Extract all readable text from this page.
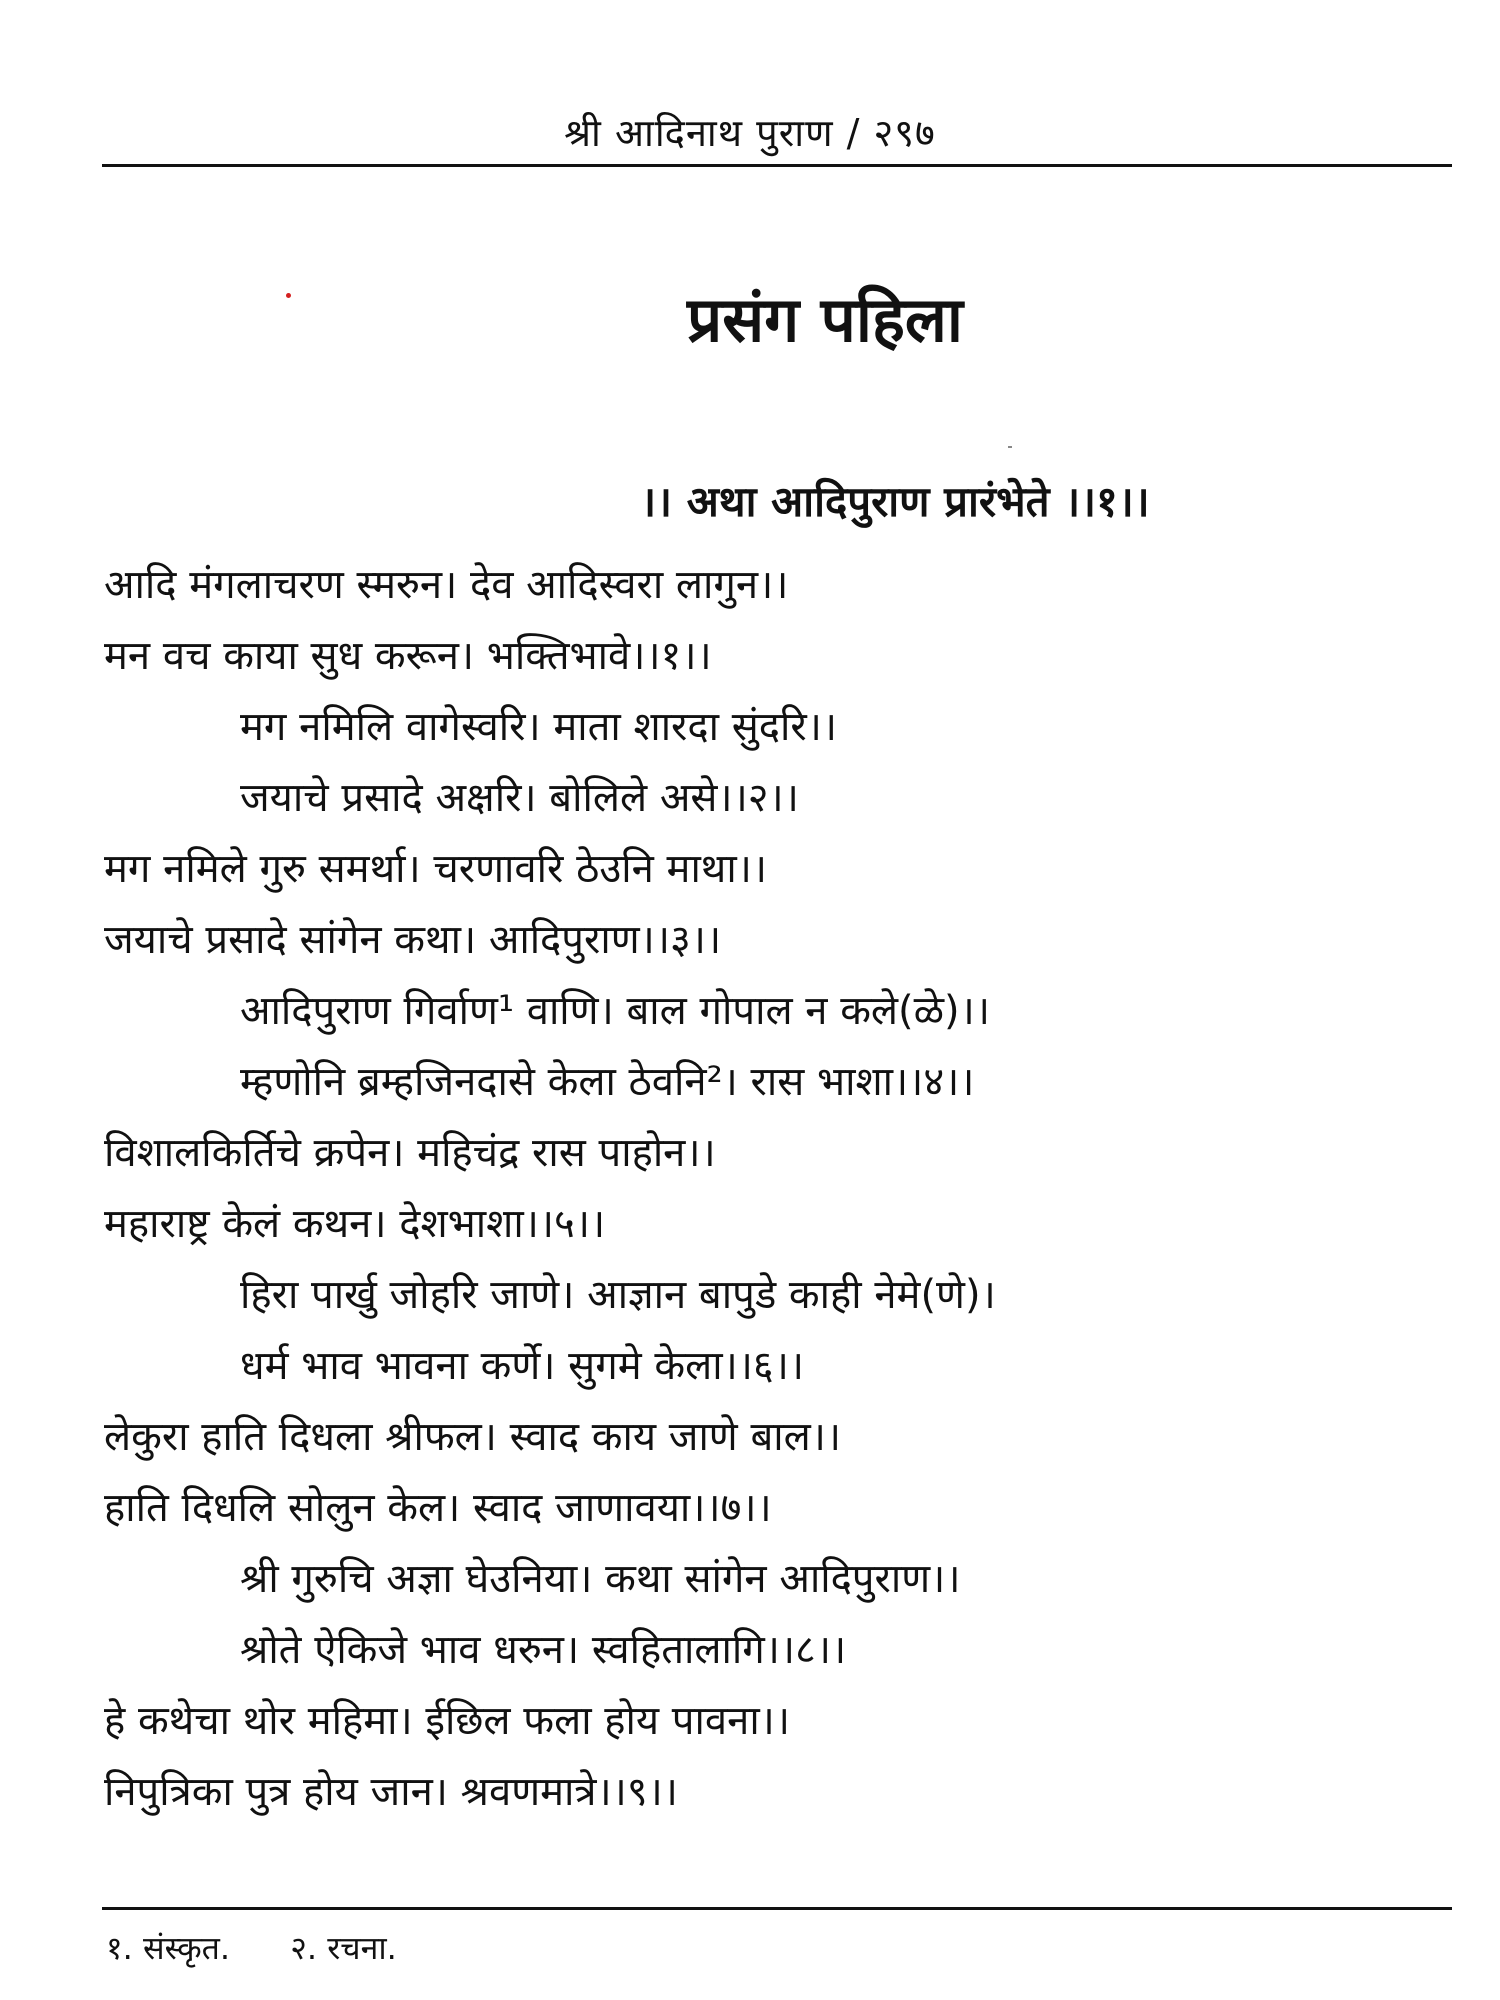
श्री आदिनाथ पुराण / २९७
प्रसंग पहिला
।। अथा आदिपुराण प्रारंभेते ।।१।।
आदि मंगलाचरण स्मरुन। देव आदिस्वरा लागुन।।
मन वच काया सुध करून। भक्तिभावे।।१।।
मग नमिलि वागेस्वरि। माता शारदा सुंदरि।।
जयाचे प्रसादे अक्षरि। बोलिले असे।।२।।
मग नमिले गुरु समर्था। चरणावरि ठेउनि माथा।।
जयाचे प्रसादे सांगेन कथा। आदिपुराण।।३।।
आदिपुराण गिर्वाण¹ वाणि। बाल गोपाल न कले(ळे)।।
म्हणोनि ब्रम्हजिनदासे केला ठेवनि²। रास भाशा।।४।।
विशालकिर्तिचे क्रपेन। महिचंद्र रास पाहोन।।
महाराष्ट्र केलं कथन। देशभाशा।।५।।
हिरा पार्खु जोहरि जाणे। आज्ञान बापुडे काही नेमे(णे)।
धर्म भाव भावना कर्णे। सुगमे केला।।६।।
लेकुरा हाति दिधला श्रीफल। स्वाद काय जाणे बाल।।
हाति दिधलि सोलुन केल। स्वाद जाणावया।।७।।
श्री गुरुचि अज्ञा घेउनिया। कथा सांगेन आदिपुराण।।
श्रोते ऐकिजे भाव धरुन। स्वहितालागि।।८।।
हे कथेचा थोर महिमा। ईछिल फला होय पावना।।
निपुत्रिका पुत्र होय जान। श्रवणमात्रे।।९।।
१. संस्कृत. २. रचना.
